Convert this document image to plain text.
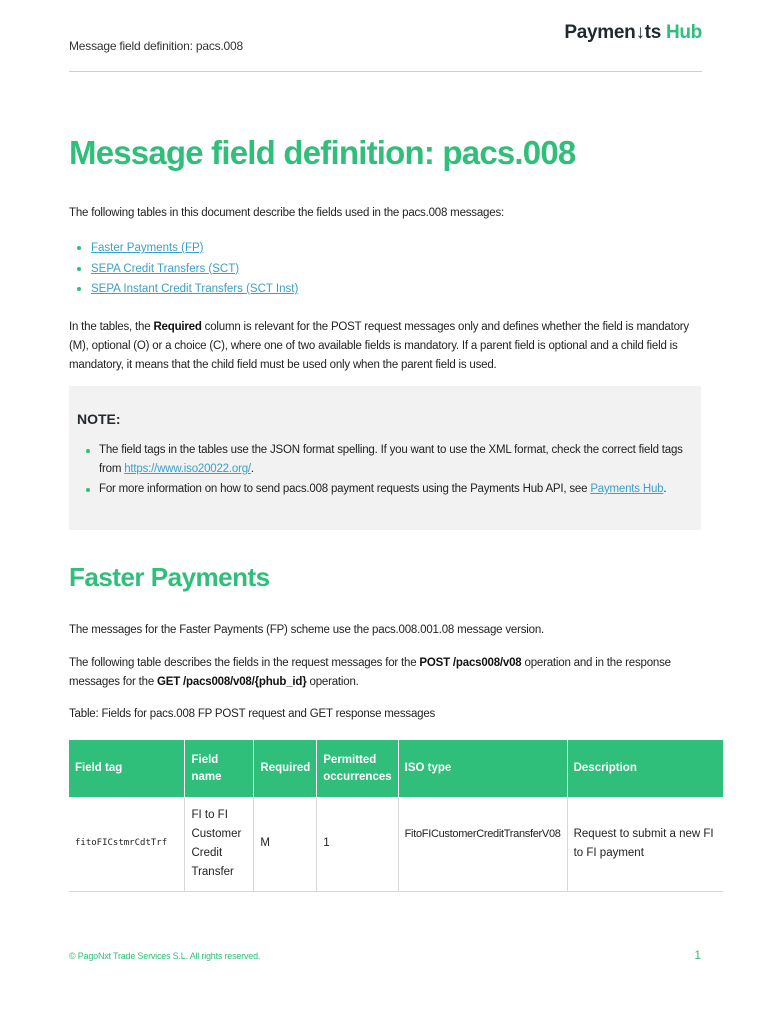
Message field definition: pacs.008
Paymen↓ts Hub
Message field definition: pacs.008
The following tables in this document describe the fields used in the pacs.008 messages:
Faster Payments (FP)
SEPA Credit Transfers (SCT)
SEPA Instant Credit Transfers (SCT Inst)
In the tables, the Required column is relevant for the POST request messages only and defines whether the field is mandatory (M), optional (O) or a choice (C), where one of two available fields is mandatory. If a parent field is optional and a child field is mandatory, it means that the child field must be used only when the parent field is used.
NOTE:
The field tags in the tables use the JSON format spelling. If you want to use the XML format, check the correct field tags from https://www.iso20022.org/.
For more information on how to send pacs.008 payment requests using the Payments Hub API, see Payments Hub.
Faster Payments
The messages for the Faster Payments (FP) scheme use the pacs.008.001.08 message version.
The following table describes the fields in the request messages for the POST /pacs008/v08 operation and in the response messages for the GET /pacs008/v08/{phub_id} operation.
Table: Fields for pacs.008 FP POST request and GET response messages
Field tag	Field name	Required	Permitted occurrences	ISO type	Description
fitoFICstmrCdtTrf	FI to FI Customer Credit Transfer	M	1	FitoFICustomerCreditTransferV08	Request to submit a new FI to FI payment
© PagoNxt Trade Services S.L. All rights reserved.	1
